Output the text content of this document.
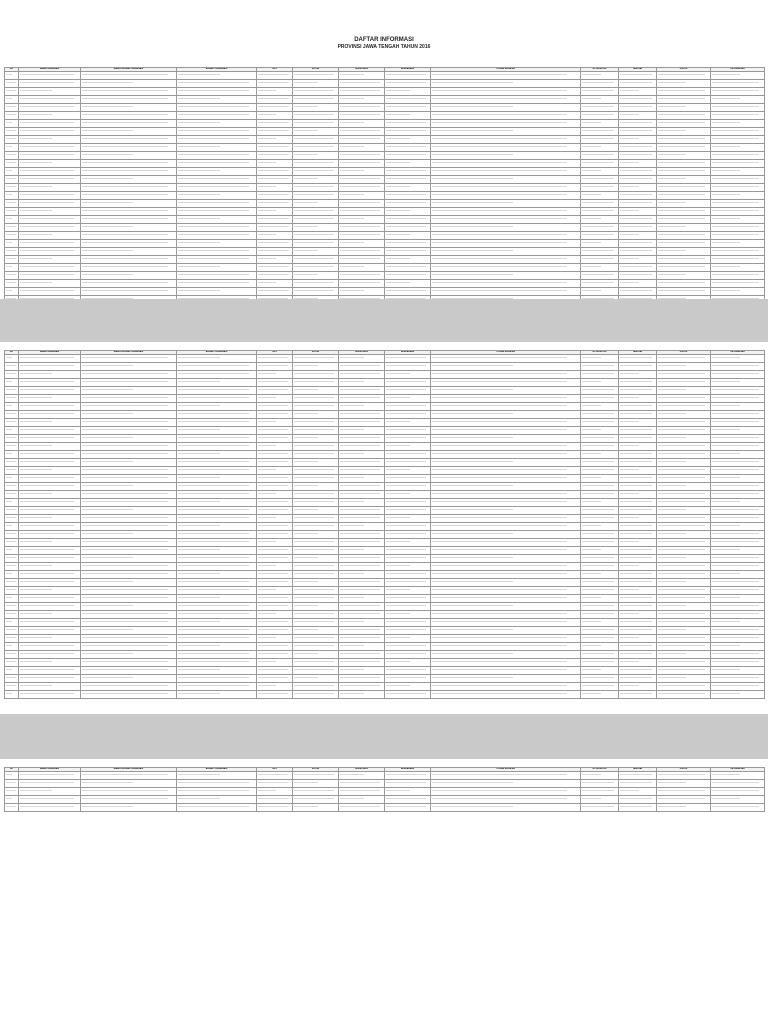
DAFTAR INFORMASI
PROVINSI JAWA TENGAH TAHUN 2016
NO	NAMA ORGANISASI	NAMA PIMPINAN ORGANISASI	ALAMAT ORGANISASI	TELP	KETUA	SEKRETARIS	BENDAHARA	TUJUAN KEGIATAN	NO REGISTER	TANGGAL	STATUS	KETERANGAN

NO	NAMA ORGANISASI	NAMA PIMPINAN ORGANISASI	ALAMAT ORGANISASI	TELP	KETUA	SEKRETARIS	BENDAHARA	TUJUAN KEGIATAN	NO REGISTER	TANGGAL	STATUS	KETERANGAN

NO	NAMA ORGANISASI	NAMA PIMPINAN ORGANISASI	ALAMAT ORGANISASI	TELP	KETUA	SEKRETARIS	BENDAHARA	TUJUAN KEGIATAN	NO REGISTER	TANGGAL	STATUS	KETERANGAN
